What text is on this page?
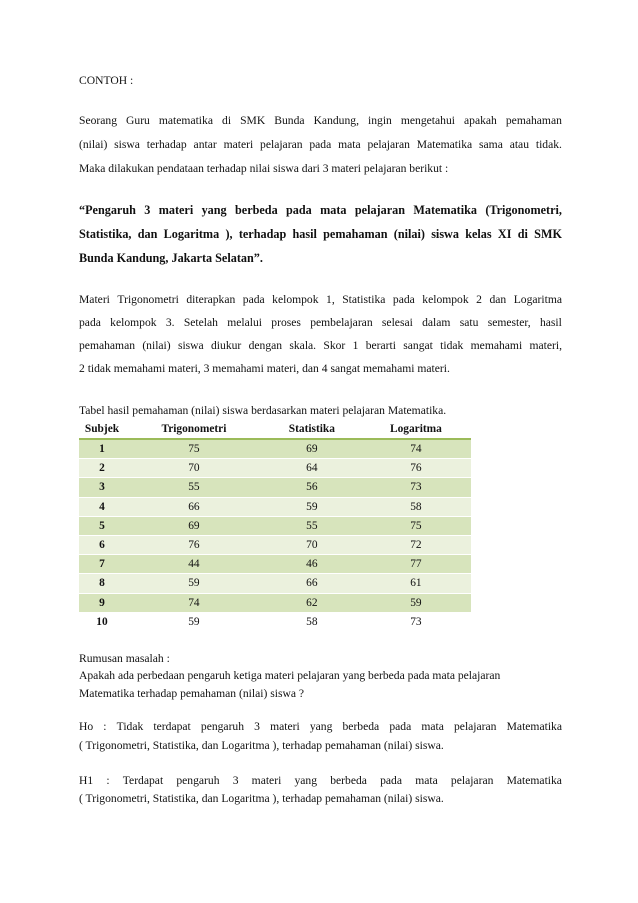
CONTOH :
Seorang Guru matematika di SMK Bunda Kandung, ingin mengetahui apakah pemahaman
(nilai) siswa terhadap antar materi pelajaran pada mata pelajaran Matematika sama atau tidak.
Maka dilakukan pendataan terhadap nilai siswa dari 3 materi pelajaran berikut :
“Pengaruh 3 materi yang berbeda pada mata pelajaran Matematika (Trigonometri,
Statistika, dan Logaritma ), terhadap hasil pemahaman (nilai) siswa kelas XI di SMK
Bunda Kandung, Jakarta Selatan”.
Materi Trigonometri diterapkan pada kelompok 1, Statistika pada kelompok 2 dan Logaritma
pada kelompok 3. Setelah melalui proses pembelajaran selesai dalam satu semester, hasil
pemahaman (nilai) siswa diukur dengan skala. Skor 1 berarti sangat tidak memahami materi,
2 tidak memahami materi, 3 memahami materi, dan 4 sangat memahami materi.
Tabel hasil pemahaman (nilai) siswa berdasarkan materi pelajaran Matematika.
Subjek	Trigonometri	Statistika	Logaritma
1	75	69	74
2	70	64	76
3	55	56	73
4	66	59	58
5	69	55	75
6	76	70	72
7	44	46	77
8	59	66	61
9	74	62	59
10	59	58	73
Rumusan masalah :
Apakah ada perbedaan pengaruh ketiga materi pelajaran yang berbeda pada mata pelajaran
Matematika terhadap pemahaman (nilai) siswa ?
Ho : Tidak terdapat pengaruh 3 materi yang berbeda pada mata pelajaran Matematika
( Trigonometri, Statistika, dan Logaritma ), terhadap pemahaman (nilai) siswa.
H1 : Terdapat pengaruh 3 materi yang berbeda pada mata pelajaran Matematika
( Trigonometri, Statistika, dan Logaritma ), terhadap pemahaman (nilai) siswa.
